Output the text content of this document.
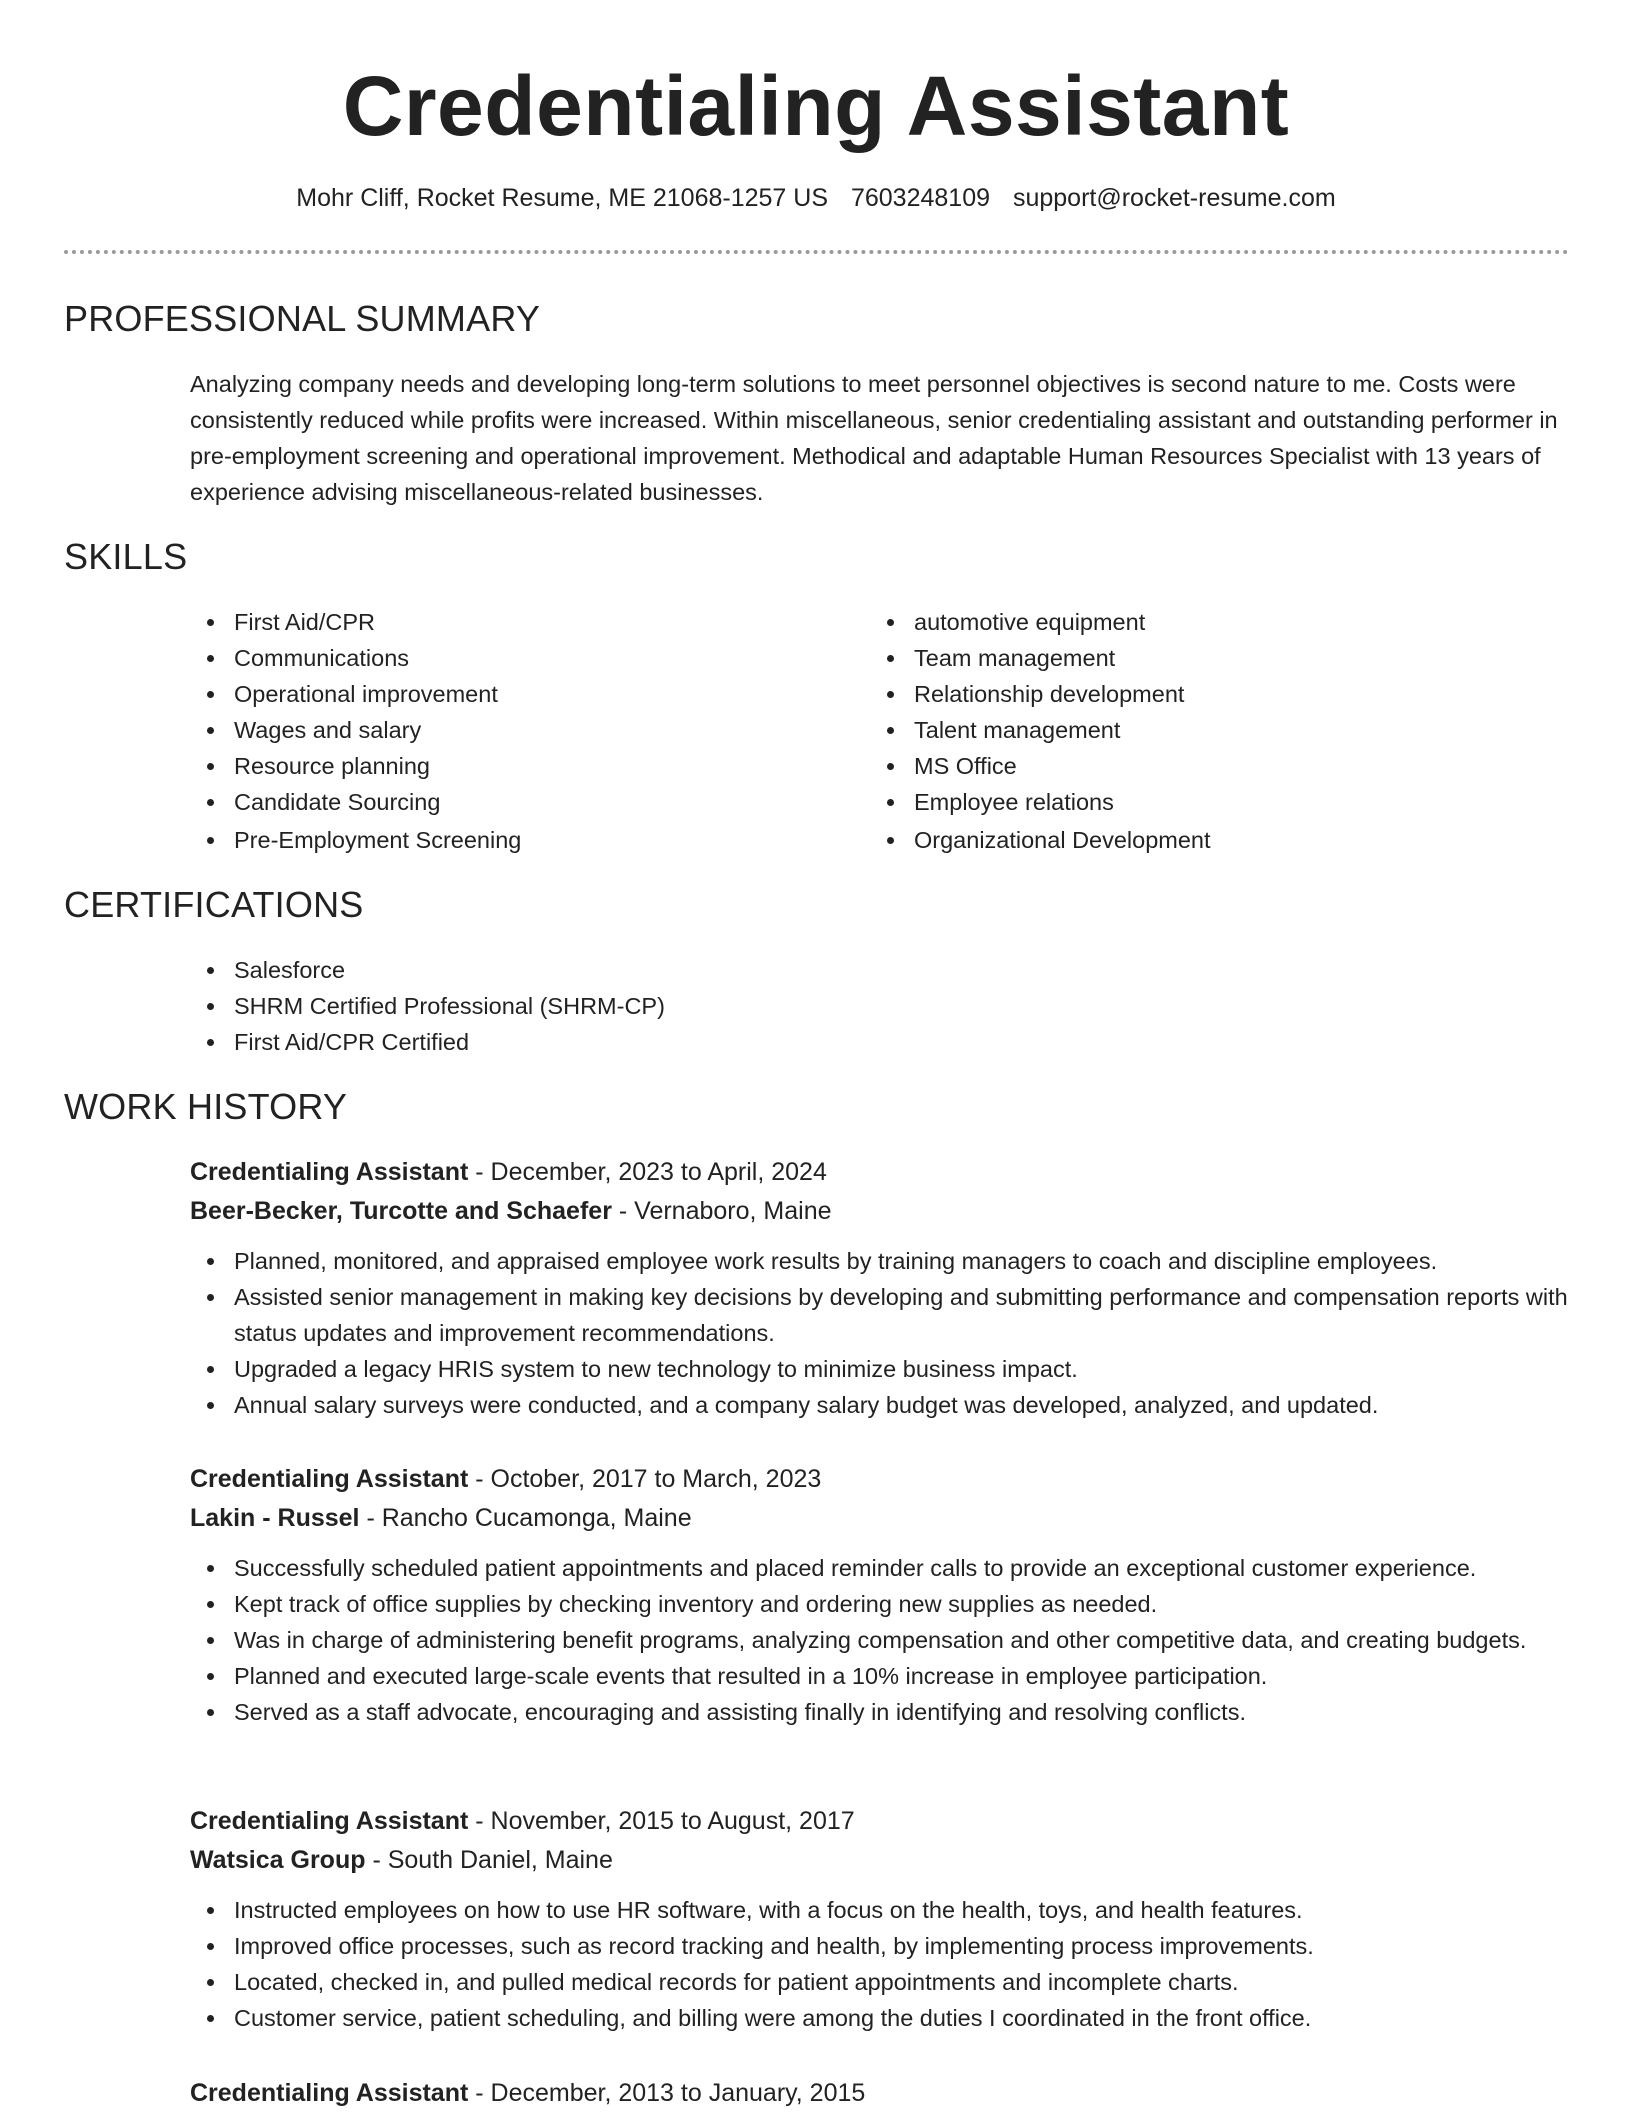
Credentialing Assistant
Mohr Cliff, Rocket Resume, ME 21068-1257 US 7603248109 support@rocket-resume.com
PROFESSIONAL SUMMARY

Analyzing company needs and developing long-term solutions to meet personnel objectives is second nature to me. Costs were consistently reduced while profits were increased. Within miscellaneous, senior credentialing assistant and outstanding performer in pre-employment screening and operational improvement. Methodical and adaptable Human Resources Specialist with 13 years of experience advising miscellaneous-related businesses.

SKILLS
First Aid/CPR
Communications
Operational improvement
Wages and salary
Resource planning
Candidate Sourcing
Pre-Employment Screening
automotive equipment
Team management
Relationship development
Talent management
MS Office
Employee relations
Organizational Development
CERTIFICATIONS
Salesforce
SHRM Certified Professional (SHRM-CP)
First Aid/CPR Certified
WORK HISTORY
Credentialing Assistant - December, 2023 to April, 2024
Beer-Becker, Turcotte and Schaefer - Vernaboro, Maine
Planned, monitored, and appraised employee work results by training managers to coach and discipline employees.
Assisted senior management in making key decisions by developing and submitting performance and compensation reports with status updates and improvement recommendations.
Upgraded a legacy HRIS system to new technology to minimize business impact.
Annual salary surveys were conducted, and a company salary budget was developed, analyzed, and updated.
Credentialing Assistant - October, 2017 to March, 2023
Lakin - Russel - Rancho Cucamonga, Maine
Successfully scheduled patient appointments and placed reminder calls to provide an exceptional customer experience.
Kept track of office supplies by checking inventory and ordering new supplies as needed.
Was in charge of administering benefit programs, analyzing compensation and other competitive data, and creating budgets.
Planned and executed large-scale events that resulted in a 10% increase in employee participation.
Served as a staff advocate, encouraging and assisting finally in identifying and resolving conflicts.
Credentialing Assistant - November, 2015 to August, 2017
Watsica Group - South Daniel, Maine
Instructed employees on how to use HR software, with a focus on the health, toys, and health features.
Improved office processes, such as record tracking and health, by implementing process improvements.
Located, checked in, and pulled medical records for patient appointments and incomplete charts.
Customer service, patient scheduling, and billing were among the duties I coordinated in the front office.
Credentialing Assistant - December, 2013 to January, 2015
